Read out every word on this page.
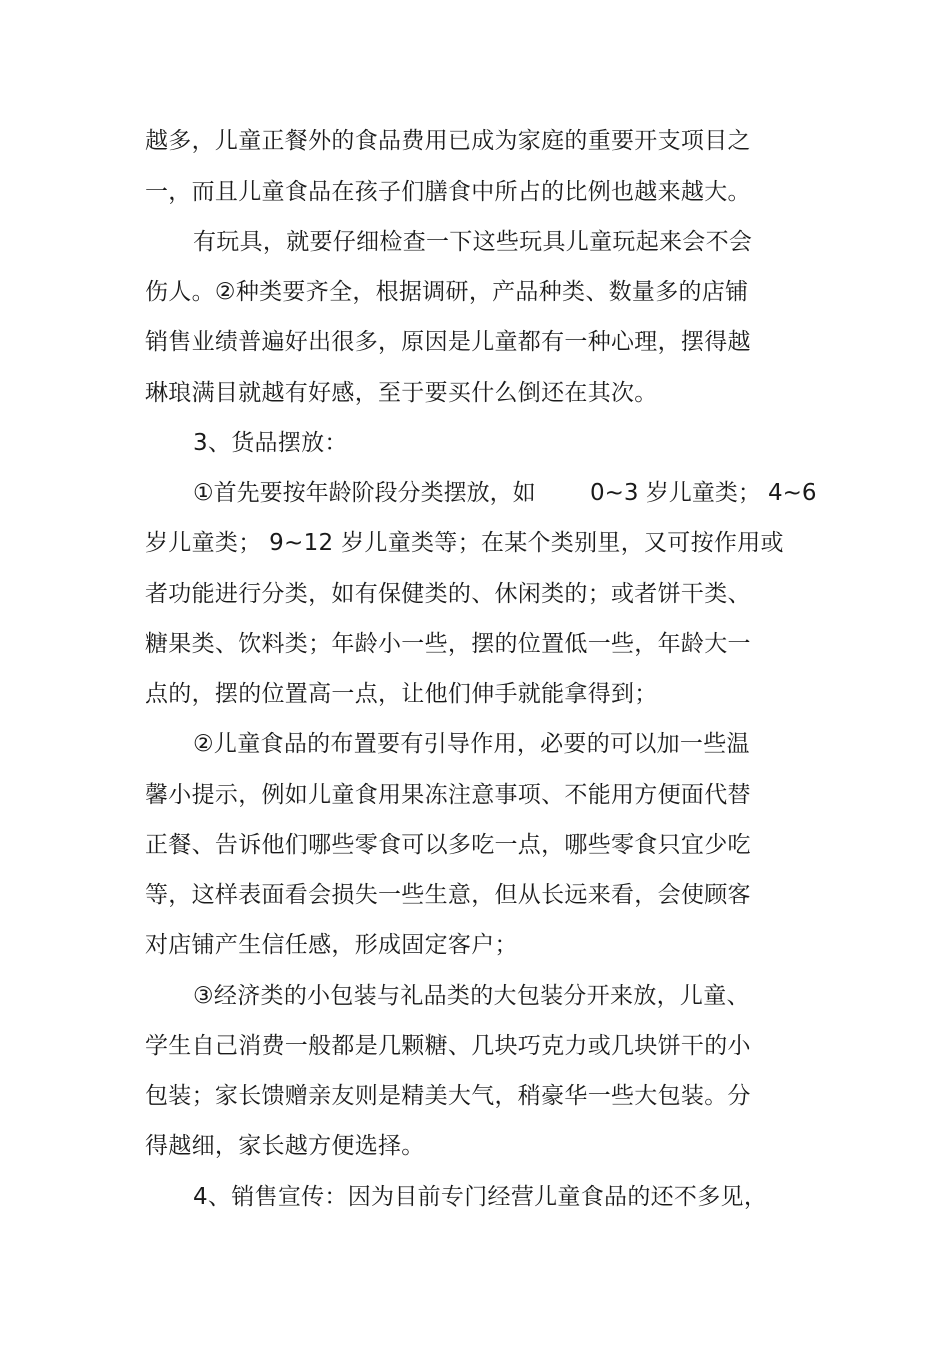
越多，儿童正餐外的食品费用已成为家庭的重要开支项目之
一，而且儿童食品在孩子们膳食中所占的比例也越来越大。
有玩具，就要仔细检查一下这些玩具儿童玩起来会不会
伤人。②种类要齐全，根据调研，产品种类、数量多的店铺
销售业绩普遍好出很多，原因是儿童都有一种心理，摆得越
琳琅满目就越有好感，至于要买什么倒还在其次。
3、货品摆放：
①首先要按年龄阶段分类摆放，如 0~3 岁儿童类； 4~6
岁儿童类； 9~12 岁儿童类等；在某个类别里，又可按作用或
者功能进行分类，如有保健类的、休闲类的；或者饼干类、
糖果类、饮料类；年龄小一些，摆的位置低一些，年龄大一
点的，摆的位置高一点，让他们伸手就能拿得到；
②儿童食品的布置要有引导作用，必要的可以加一些温
馨小提示，例如儿童食用果冻注意事项、不能用方便面代替
正餐、告诉他们哪些零食可以多吃一点，哪些零食只宜少吃
等，这样表面看会损失一些生意，但从长远来看，会使顾客
对店铺产生信任感，形成固定客户；
③经济类的小包装与礼品类的大包装分开来放，儿童、
学生自己消费一般都是几颗糖、几块巧克力或几块饼干的小
包装；家长馈赠亲友则是精美大气，稍豪华一些大包装。分
得越细，家长越方便选择。
4、销售宣传：因为目前专门经营儿童食品的还不多见，
